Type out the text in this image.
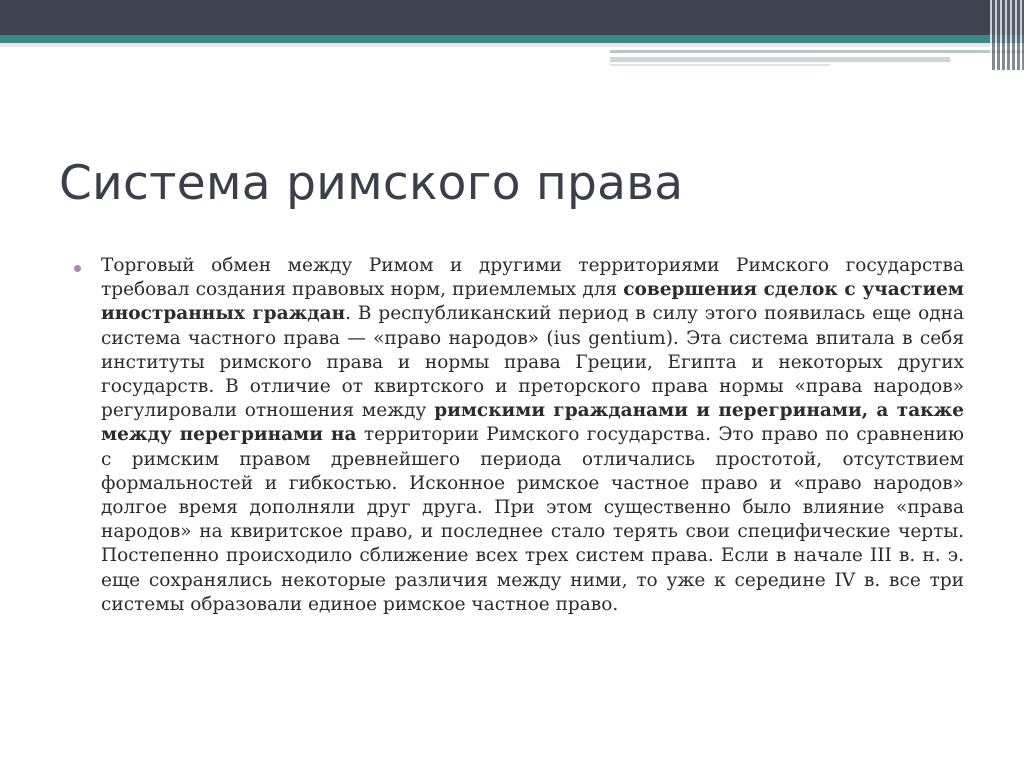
Система римского права

Торговый обмен между Римом и другими территориями Римского государства требовал создания правовых норм, приемлемых для совершения сделок с участием иностранных граждан. В республиканский период в силу этого появилась еще одна система частного права — «право народов» (ius gentium). Эта система впитала в себя институты римского права и нормы права Греции, Египта и некоторых других государств. В отличие от квиртского и преторского права нормы «права народов» регулировали отношения между римскими гражданами и перегринами, а также между перегринами на территории Римского государства. Это право по сравнению с римским правом древнейшего периода отличались простотой, отсутствием формальностей и гибкостью. Исконное римское частное право и «право народов» долгое время дополняли друг друга. При этом существенно было влияние «права народов» на квиритское право, и последнее стало терять свои специфические черты. Постепенно происходило сближение всех трех систем права. Если в начале III в. н. э. еще сохранялись некоторые различия между ними, то уже к середине IV в. все три системы образовали единое римское частное право.
